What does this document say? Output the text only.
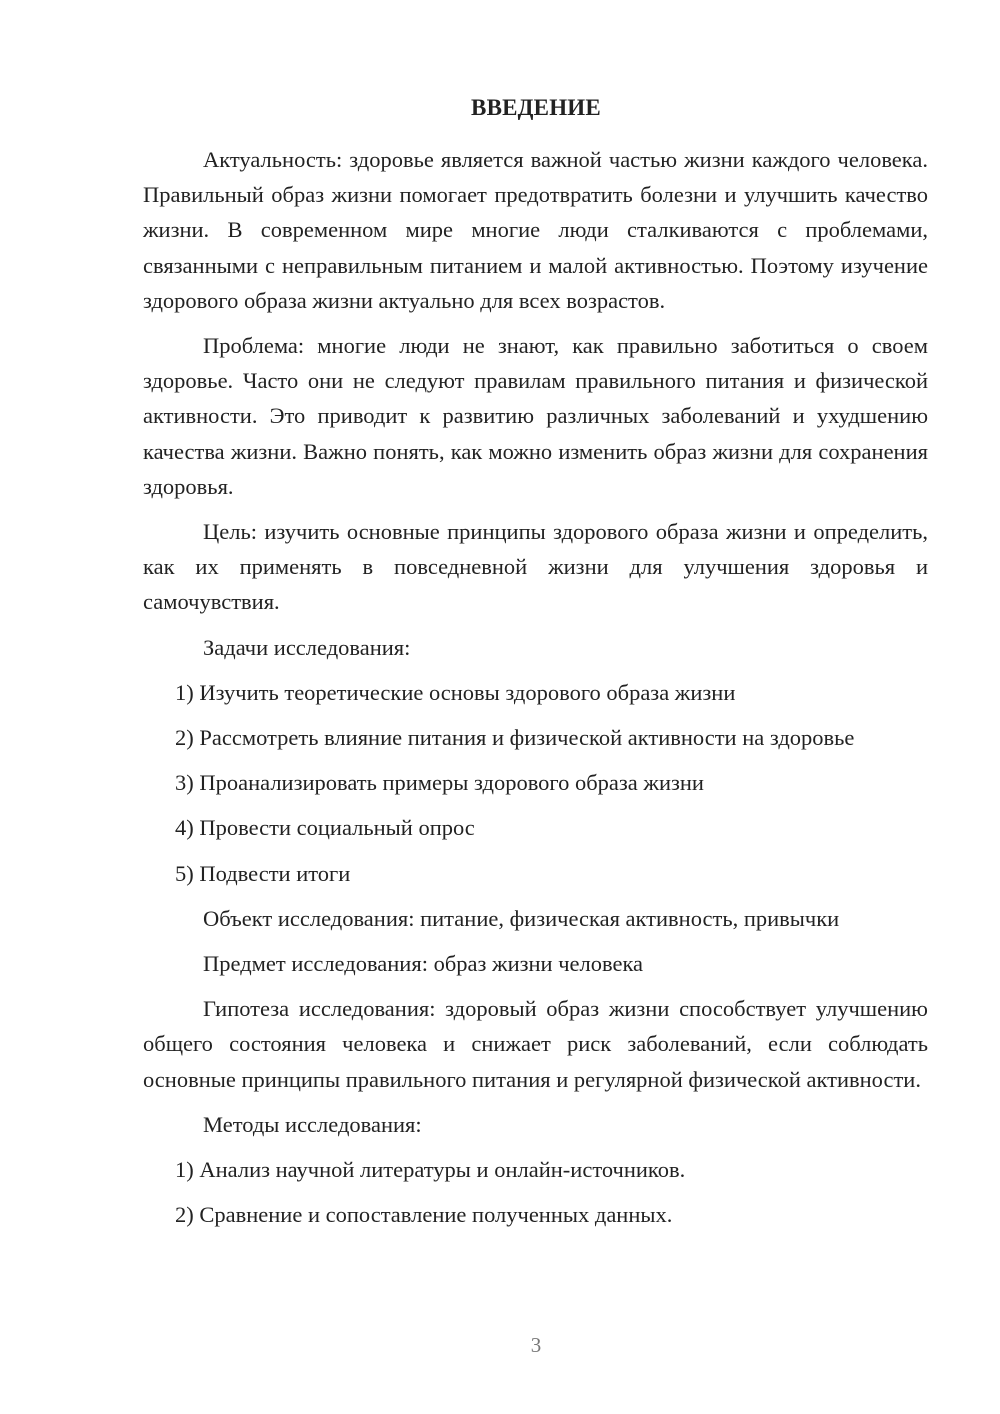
ВВЕДЕНИЕ

Актуальность: здоровье является важной частью жизни каждого человека. Правильный образ жизни помогает предотвратить болезни и улучшить качество жизни. В современном мире многие люди сталкиваются с проблемами, связанными с неправильным питанием и малой активностью. Поэтому изучение здорового образа жизни актуально для всех возрастов.

Проблема: многие люди не знают, как правильно заботиться о своем здоровье. Часто они не следуют правилам правильного питания и физической активности. Это приводит к развитию различных заболеваний и ухудшению качества жизни. Важно понять, как можно изменить образ жизни для сохранения здоровья.

Цель: изучить основные принципы здорового образа жизни и определить, как их применять в повседневной жизни для улучшения здоровья и самочувствия.

Задачи исследования:

1) Изучить теоретические основы здорового образа жизни

2) Рассмотреть влияние питания и физической активности на здоровье

3) Проанализировать примеры здорового образа жизни

4) Провести социальный опрос

5) Подвести итоги

Объект исследования: питание, физическая активность, привычки

Предмет исследования: образ жизни человека

Гипотеза исследования: здоровый образ жизни способствует улучшению общего состояния человека и снижает риск заболеваний, если соблюдать основные принципы правильного питания и регулярной физической активности.

Методы исследования:

1) Анализ научной литературы и онлайн-источников.

2) Сравнение и сопоставление полученных данных.

3
